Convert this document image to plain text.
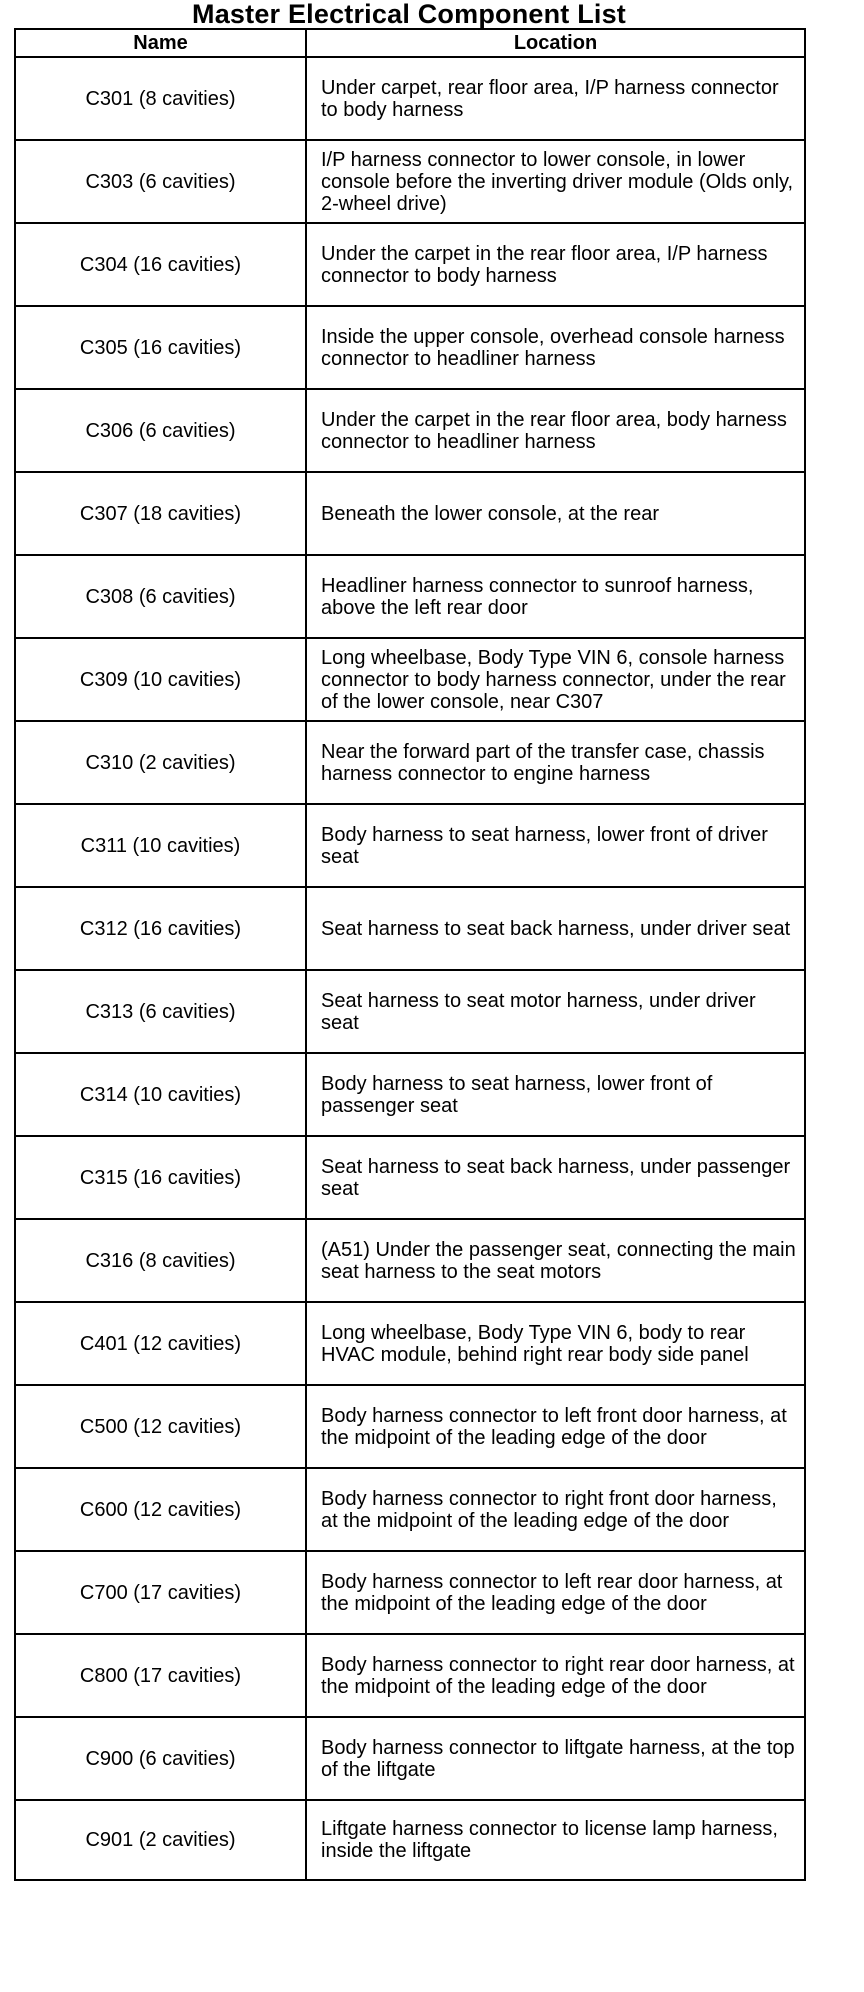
Master Electrical Component List
Name	Location
C301 (8 cavities)	Under carpet, rear floor area, I/P harness connector to body harness
C303 (6 cavities)	I/P harness connector to lower console, in lower console before the inverting driver module (Olds only, 2-wheel drive)
C304 (16 cavities)	Under the carpet in the rear floor area, I/P harness connector to body harness
C305 (16 cavities)	Inside the upper console, overhead console harness connector to headliner harness
C306 (6 cavities)	Under the carpet in the rear floor area, body harness connector to headliner harness
C307 (18 cavities)	Beneath the lower console, at the rear
C308 (6 cavities)	Headliner harness connector to sunroof harness, above the left rear door
C309 (10 cavities)	Long wheelbase, Body Type VIN 6, console harness connector to body harness connector, under the rear of the lower console, near C307
C310 (2 cavities)	Near the forward part of the transfer case, chassis harness connector to engine harness
C311 (10 cavities)	Body harness to seat harness, lower front of driver seat
C312 (16 cavities)	Seat harness to seat back harness, under driver seat
C313 (6 cavities)	Seat harness to seat motor harness, under driver seat
C314 (10 cavities)	Body harness to seat harness, lower front of passenger seat
C315 (16 cavities)	Seat harness to seat back harness, under passenger seat
C316 (8 cavities)	(A51) Under the passenger seat, connecting the main seat harness to the seat motors
C401 (12 cavities)	Long wheelbase, Body Type VIN 6, body to rear HVAC module, behind right rear body side panel
C500 (12 cavities)	Body harness connector to left front door harness, at the midpoint of the leading edge of the door
C600 (12 cavities)	Body harness connector to right front door harness, at the midpoint of the leading edge of the door
C700 (17 cavities)	Body harness connector to left rear door harness, at the midpoint of the leading edge of the door
C800 (17 cavities)	Body harness connector to right rear door harness, at the midpoint of the leading edge of the door
C900 (6 cavities)	Body harness connector to liftgate harness, at the top of the liftgate
C901 (2 cavities)	Liftgate harness connector to license lamp harness, inside the liftgate
